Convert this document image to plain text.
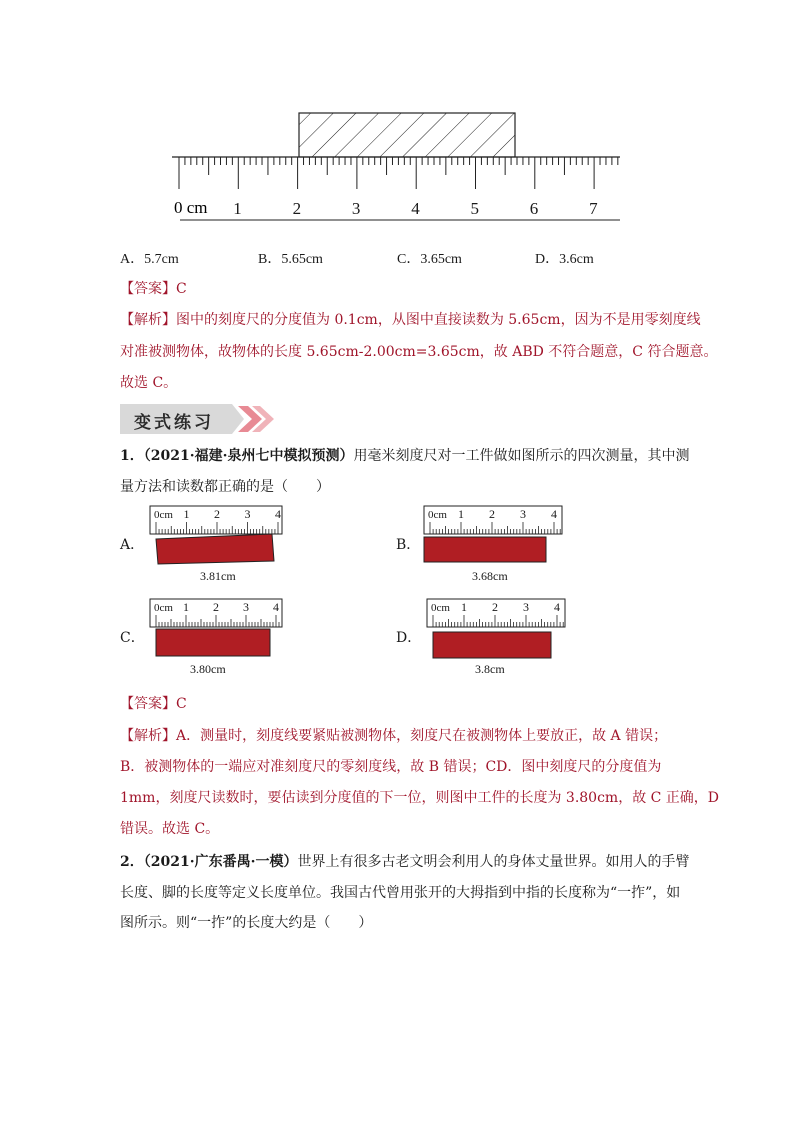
0 cm 1	2	3	4	5	6	7
A．5.7cm	B．5.65cm	C．3.65cm	D．3.6cm
【答案】C
【解析】图中的刻度尺的分度值为 0.1cm，从图中直接读数为 5.65cm，因为不是用零刻度线
对准被测物体，故物体的长度 5.65cm-2.00cm=3.65cm，故 ABD 不符合题意，C 符合题意。
故选 C。
变式练习
1．（2021·福建·泉州七中模拟预测）用毫米刻度尺对一工件做如图所示的四次测量，其中测
量方法和读数都正确的是（　　）
A．
0cm 1 2 3 4
3.81cm
B．
0cm 1 2 3 4
3.68cm
C．
0cm 1 2 3 4
3.80cm
D．
0cm 1 2 3 4
3.8cm
【答案】C
【解析】A．测量时，刻度线要紧贴被测物体，刻度尺在被测物体上要放正，故 A 错误；
B．被测物体的一端应对准刻度尺的零刻度线，故 B 错误；CD．图中刻度尺的分度值为
1mm，刻度尺读数时，要估读到分度值的下一位，则图中工件的长度为 3.80cm，故 C 正确，D
错误。故选 C。
2．（2021·广东番禺·一模）世界上有很多古老文明会利用人的身体丈量世界。如用人的手臂
长度、脚的长度等定义长度单位。我国古代曾用张开的大拇指到中指的长度称为“一拃”，如
图所示。则“一拃”的长度大约是（　　）
